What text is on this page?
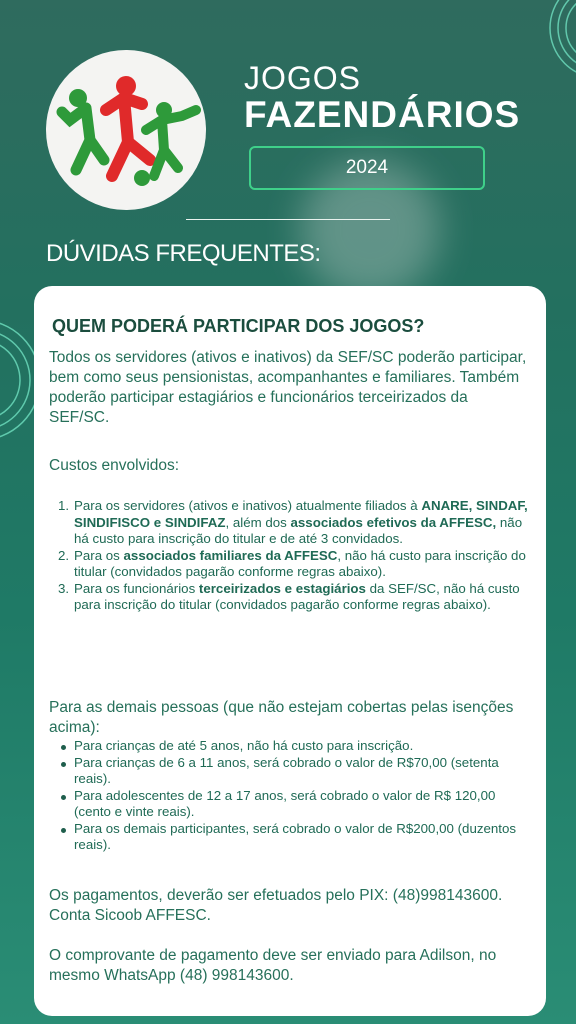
JOGOS
FAZENDÁRIOS
2024
DÚVIDAS FREQUENTES:
QUEM PODERÁ PARTICIPAR DOS JOGOS?
Todos os servidores (ativos e inativos) da SEF/SC poderão participar, bem como seus pensionistas, acompanhantes e familiares. Também poderão participar estagiários e funcionários terceirizados da SEF/SC.
Custos envolvidos:
1. Para os servidores (ativos e inativos) atualmente filiados à ANARE, SINDAF, SINDIFISCO e SINDIFAZ, além dos associados efetivos da AFFESC, não há custo para inscrição do titular e de até 3 convidados.
2. Para os associados familiares da AFFESC, não há custo para inscrição do titular (convidados pagarão conforme regras abaixo).
3. Para os funcionários terceirizados e estagiários da SEF/SC, não há custo para inscrição do titular (convidados pagarão conforme regras abaixo).
Para as demais pessoas (que não estejam cobertas pelas isenções acima):
Para crianças de até 5 anos, não há custo para inscrição.
Para crianças de 6 a 11 anos, será cobrado o valor de R$70,00 (setenta reais).
Para adolescentes de 12 a 17 anos, será cobrado o valor de R$ 120,00 (cento e vinte reais).
Para os demais participantes, será cobrado o valor de R$200,00 (duzentos reais).
Os pagamentos, deverão ser efetuados pelo PIX: (48)998143600. Conta Sicoob AFFESC.
O comprovante de pagamento deve ser enviado para Adilson, no mesmo WhatsApp (48) 998143600.
